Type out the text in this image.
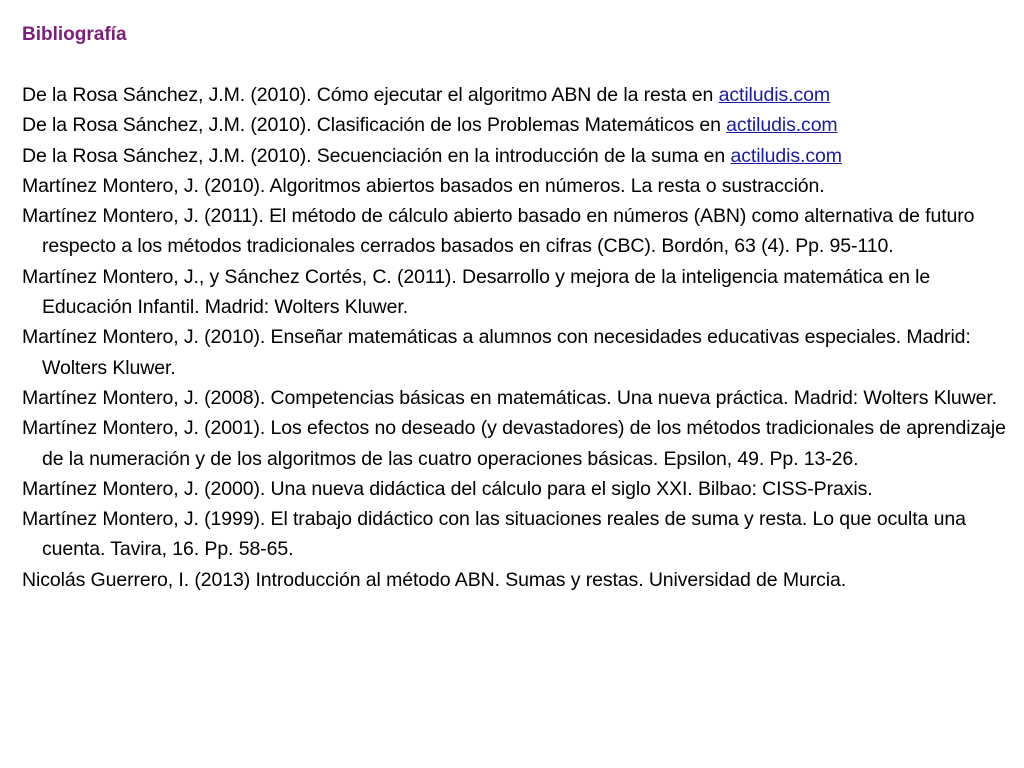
Bibliografía
De la Rosa Sánchez, J.M. (2010). Cómo ejecutar el algoritmo ABN de la resta en actiludis.com
De la Rosa Sánchez, J.M. (2010). Clasificación de los Problemas Matemáticos en actiludis.com
De la Rosa Sánchez, J.M. (2010). Secuenciación en la introducción de la suma en actiludis.com
Martínez Montero, J. (2010). Algoritmos abiertos basados en números. La resta o sustracción.
Martínez Montero, J. (2011). El método de cálculo abierto basado en números (ABN) como alternativa de futuro respecto a los métodos tradicionales cerrados basados en cifras (CBC). Bordón, 63 (4). Pp. 95-110.
Martínez Montero, J., y Sánchez Cortés, C. (2011). Desarrollo y mejora de la inteligencia matemática en le Educación Infantil. Madrid: Wolters Kluwer.
Martínez Montero, J. (2010). Enseñar matemáticas a alumnos con necesidades educativas especiales. Madrid: Wolters Kluwer.
Martínez Montero, J. (2008). Competencias básicas en matemáticas. Una nueva práctica. Madrid: Wolters Kluwer.
Martínez Montero, J. (2001). Los efectos no deseado (y devastadores) de los métodos tradicionales de aprendizaje de la numeración y de los algoritmos de las cuatro operaciones básicas. Epsilon, 49. Pp. 13-26.
Martínez Montero, J. (2000). Una nueva didáctica del cálculo para el siglo XXI. Bilbao: CISS-Praxis.
Martínez Montero, J. (1999). El trabajo didáctico con las situaciones reales de suma y resta. Lo que oculta una cuenta. Tavira, 16. Pp. 58-65.
Nicolás Guerrero, I. (2013) Introducción al método ABN. Sumas y restas. Universidad de Murcia.
